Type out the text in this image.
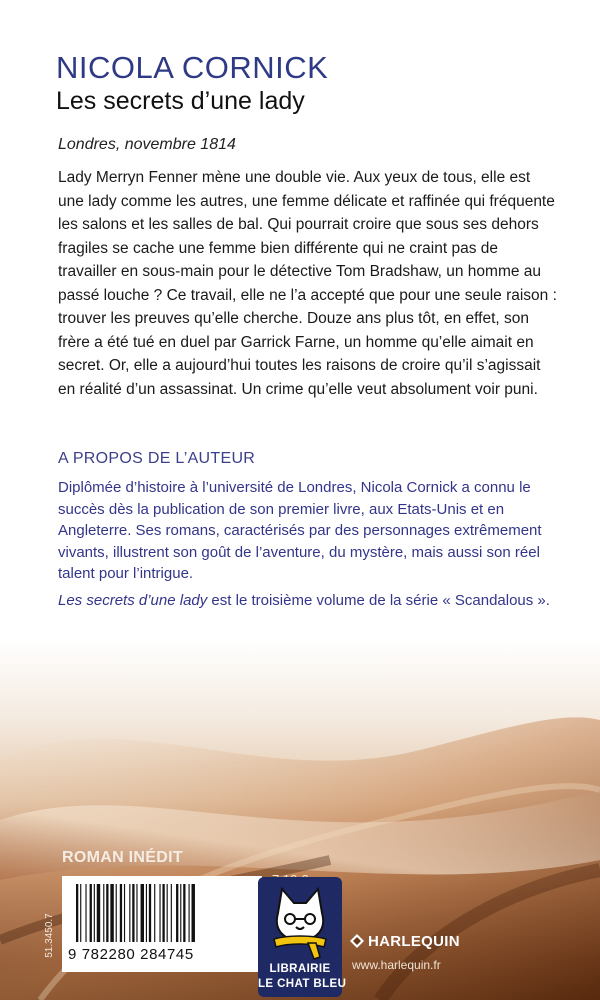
NICOLA CORNICK
Les secrets d’une lady
Londres, novembre 1814

Lady Merryn Fenner mène une double vie. Aux yeux de tous, elle est une lady comme les autres, une femme délicate et raffinée qui fréquente les salons et les salles de bal. Qui pourrait croire que sous ses dehors fragiles se cache une femme bien différente qui ne craint pas de travailler en sous-main pour le détective Tom Bradshaw, un homme au passé louche ? Ce travail, elle ne l’a accepté que pour une seule raison : trouver les preuves qu’elle cherche. Douze ans plus tôt, en effet, son frère a été tué en duel par Garrick Farne, un homme qu’elle aimait en secret. Or, elle a aujourd’hui toutes les raisons de croire qu’il s’agissait en réalité d’un assassinat. Un crime qu’elle veut absolument voir puni.

A PROPOS DE L’AUTEUR

Diplômée d’histoire à l’université de Londres, Nicola Cornick a connu le succès dès la publication de son premier livre, aux Etats-Unis et en Angleterre. Ses romans, caractérisés par des personnages extrêmement vivants, illustrent son goût de l’aventure, du mystère, mais aussi son réel talent pour l’intrigue.

Les secrets d’une lady est le troisième volume de la série « Scandalous ».

ROMAN INÉDIT
51.3450.7 9 782280 284745
LIBRAIRIE
LE CHAT BLEU
HARLEQUIN
www.harlequin.fr
